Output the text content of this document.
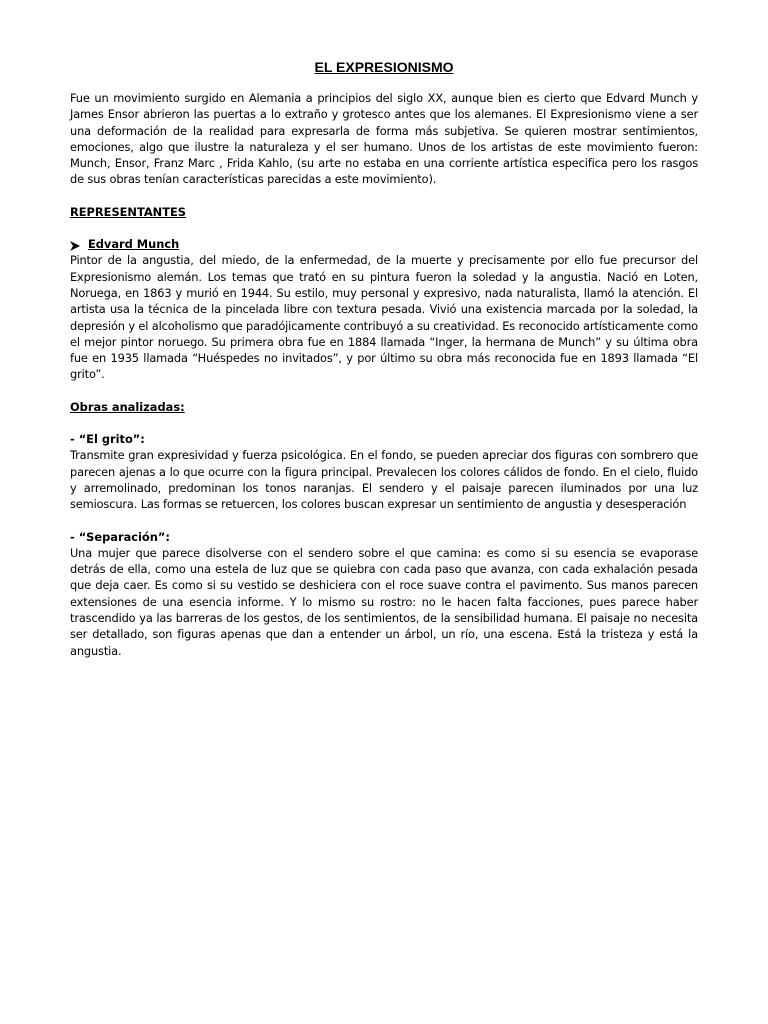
EL EXPRESIONISMO

Fue un movimiento surgido en Alemania a principios del siglo XX, aunque bien es cierto que Edvard Munch y James Ensor abrieron las puertas a lo extraño y grotesco antes que los alemanes. El Expresionismo viene a ser una deformación de la realidad para expresarla de forma más subjetiva. Se quieren mostrar sentimientos, emociones, algo que ilustre la naturaleza y el ser humano. Unos de los artistas de este movimiento fueron: Munch, Ensor, Franz Marc , Frida Kahlo, (su arte no estaba en una corriente artística especifica pero los rasgos de sus obras tenían características parecidas a este movimiento).

REPRESENTANTES
Edvard Munch

Pintor de la angustia, del miedo, de la enfermedad, de la muerte y precisamente por ello fue precursor del Expresionismo alemán. Los temas que trató en su pintura fueron la soledad y la angustia. Nació en Loten, Noruega, en 1863 y murió en 1944. Su estilo, muy personal y expresivo, nada naturalista, llamó la atención. El artista usa la técnica de la pincelada libre con textura pesada. Vivió una existencia marcada por la soledad, la depresión y el alcoholismo que paradójicamente contribuyó a su creatividad. Es reconocido artísticamente como el mejor pintor noruego. Su primera obra fue en 1884 llamada “Inger, la hermana de Munch” y su última obra fue en 1935 llamada “Huéspedes no invitados”, y por último su obra más reconocida fue en 1893 llamada “El grito”.

Obras analizadas:
- “El grito”:

Transmite gran expresividad y fuerza psicológica. En el fondo, se pueden apreciar dos figuras con sombrero que parecen ajenas a lo que ocurre con la figura principal. Prevalecen los colores cálidos de fondo. En el cielo, fluido y arremolinado, predominan los tonos naranjas. El sendero y el paisaje parecen iluminados por una luz semioscura. Las formas se retuercen, los colores buscan expresar un sentimiento de angustia y desesperación

- “Separación”:

Una mujer que parece disolverse con el sendero sobre el que camina: es como si su esencia se evaporase detrás de ella, como una estela de luz que se quiebra con cada paso que avanza, con cada exhalación pesada que deja caer. Es como si su vestido se deshiciera con el roce suave contra el pavimento. Sus manos parecen extensiones de una esencia informe. Y lo mismo su rostro: no le hacen falta facciones, pues parece haber trascendido ya las barreras de los gestos, de los sentimientos, de la sensibilidad humana. El paisaje no necesita ser detallado, son figuras apenas que dan a entender un árbol, un río, una escena. Está la tristeza y está la angustia.
